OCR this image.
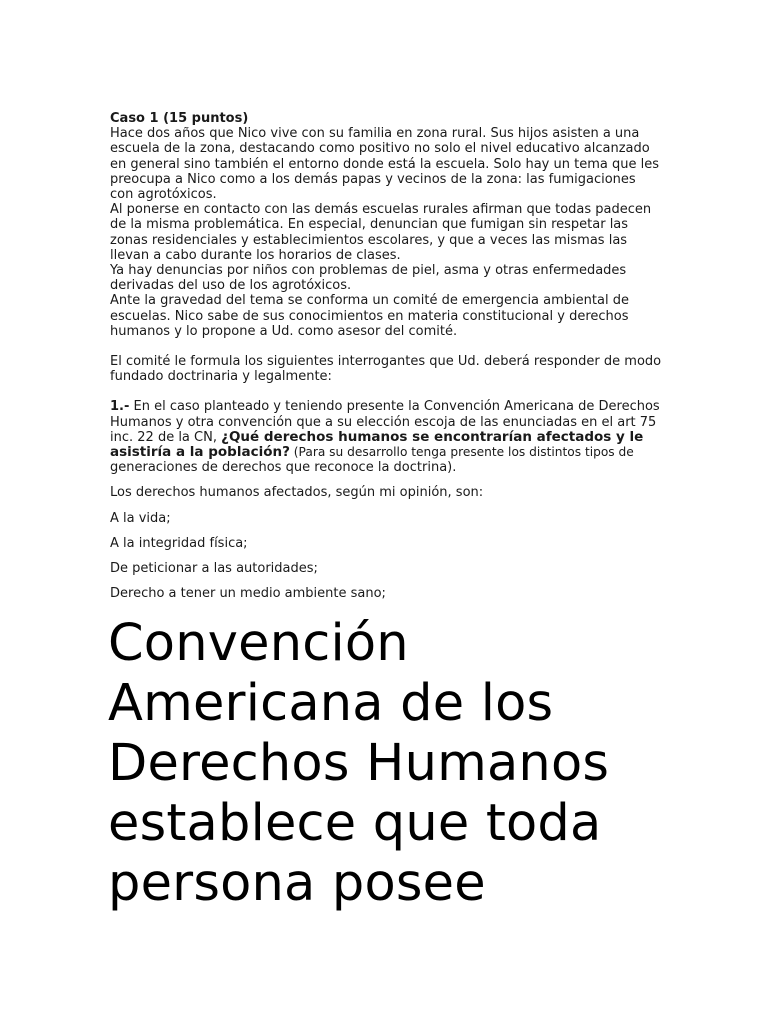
Caso 1 (15 puntos)

Hace dos años que Nico vive con su familia en zona rural. Sus hijos asisten a una
escuela de la zona, destacando como positivo no solo el nivel educativo alcanzado
en general sino también el entorno donde está la escuela. Solo hay un tema que les
preocupa a Nico como a los demás papas y vecinos de la zona: las fumigaciones
con agrotóxicos.

Al ponerse en contacto con las demás escuelas rurales afirman que todas padecen
de la misma problemática. En especial, denuncian que fumigan sin respetar las
zonas residenciales y establecimientos escolares, y que a veces las mismas las
llevan a cabo durante los horarios de clases.

Ya hay denuncias por niños con problemas de piel, asma y otras enfermedades
derivadas del uso de los agrotóxicos.

Ante la gravedad del tema se conforma un comité de emergencia ambiental de
escuelas. Nico sabe de sus conocimientos en materia constitucional y derechos
humanos y lo propone a Ud. como asesor del comité.

El comité le formula los siguientes interrogantes que Ud. deberá responder de modo
fundado doctrinaria y legalmente:

1.- En el caso planteado y teniendo presente la Convención Americana de Derechos
Humanos y otra convención que a su elección escoja de las enunciadas en el art 75
inc. 22 de la CN, ¿Qué derechos humanos se encontrarían afectados y le
asistiría a la población? (Para su desarrollo tenga presente los distintos tipos de
generaciones de derechos que reconoce la doctrina).

Los derechos humanos afectados, según mi opinión, son:

A la vida;

A la integridad física;

De peticionar a las autoridades;

Derecho a tener un medio ambiente sano;

Convención
Americana de los
Derechos Humanos
establece que toda
persona posee
